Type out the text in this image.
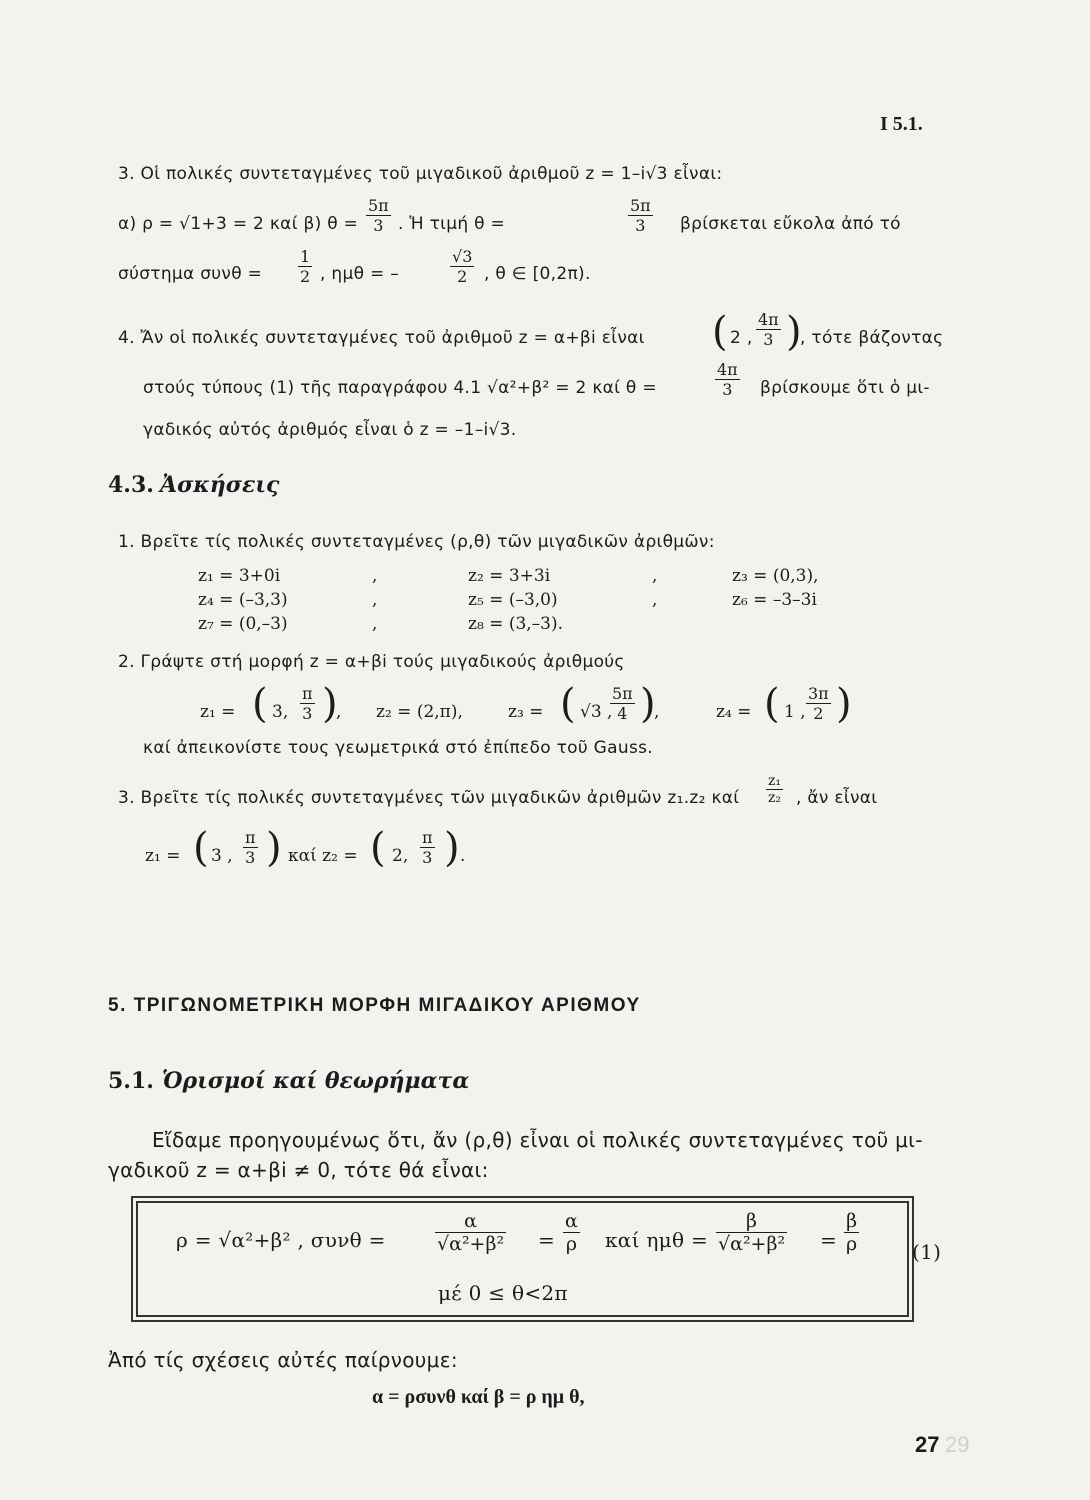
I 5.1.
3. Οἱ πολικές συντεταγμένες τοῦ μιγαδικοῦ ἀριθμοῦ z = 1–i√3 εἶναι:
α) ρ = √1+3 = 2 καί β) $\theta = \frac{5\pi}{3}$ . Ἡ τιμή θ =	$\frac{5\pi}{3}$ βρίσκεται εὔκολα ἀπό τό
σύστημα $\sigma\upsilon\nu\theta = \frac{1}{2}$ , ημθ = –	$\frac{√3}{2}$ , θ ∈ [0,2π).
4. Ἄν οἱ πολικές συντεταγμένες τοῦ ἀριθμοῦ z = α+βi εἶναι ( 2 , $\frac{4\pi}{3}$ )
, τότε βάζοντας
στούς τύπους (1) τῆς παραγράφου 4.1 √α²+β² = 2 καί θ =	$\frac{4\pi}{3}$ βρίσκουμε ὅτι ὁ μι-
γαδικός αὐτός ἀριθμός εἶναι ὁ z = –1–i√3.
4.3. Ἀσκήσεις
1. Βρεῖτε τίς πολικές συντεταγμένες (ρ,θ) τῶν μιγαδικῶν ἀριθμῶν:
z₁ = 3+0i	,	z₂ = 3+3i	,	z₃ = (0,3),
z₄ = (–3,3)	,	z₅ = (–3,0)	,	z₆ = –3–3i
z₇ = (0,–3)	,	z₈ = (3,–3).
2. Γράψτε στή μορφή z = α+βi τούς μιγαδικούς ἀριθμούς
z₁ = ( 3, $\frac{\pi}{3}$ )
, z₂ = (2,π),	z₃ = ( √3 ,
$\frac{5\pi}{4}$ )
,	z₄ = ( 1 , $\frac{3\pi}{2}$ )
καί ἀπεικονίστε τους γεωμετρικά στό ἐπίπεδο τοῦ Gauss.
3. Βρεῖτε τίς πολικές συντεταγμένες τῶν μιγαδικῶν ἀριθμῶν z₁.z₂ καί $\frac{\text{z₁}}{\text{z₂}}$ , ἄν εἶναι
z₁ = ( 3 , $\frac{\pi}{3}$ ) καί z₂ = ( 2, $\frac{\pi}{3}$ ) .
5. ΤΡΙΓΩΝΟΜΕΤΡΙΚΗ ΜΟΡΦΗ ΜΙΓΑΔΙΚΟΥ ΑΡΙΘΜΟΥ
5.1. Ὁρισμοί καί θεωρήματα
Εἴδαμε προηγουμένως ὅτι, ἄν (ρ,θ) εἶναι οἱ πολικές συντεταγμένες τοῦ μι-
γαδικοῦ z = α+βi ≠ 0, τότε θά εἶναι:
ρ = √α²+β² , συνθ =	$\frac{\alpha}{\text{√α²+β²}} = \frac{\alpha}{\rho}$ καί $\eta\mu\theta = \frac{\beta}{\text{√α²+β²}} = \frac{\beta}{\rho}$	(1)
μέ 0 ≤ θ<2π
Ἀπό τίς σχέσεις αὐτές παίρνουμε:
α = ρσυνθ καί β = ρ ημ θ,
27 29
